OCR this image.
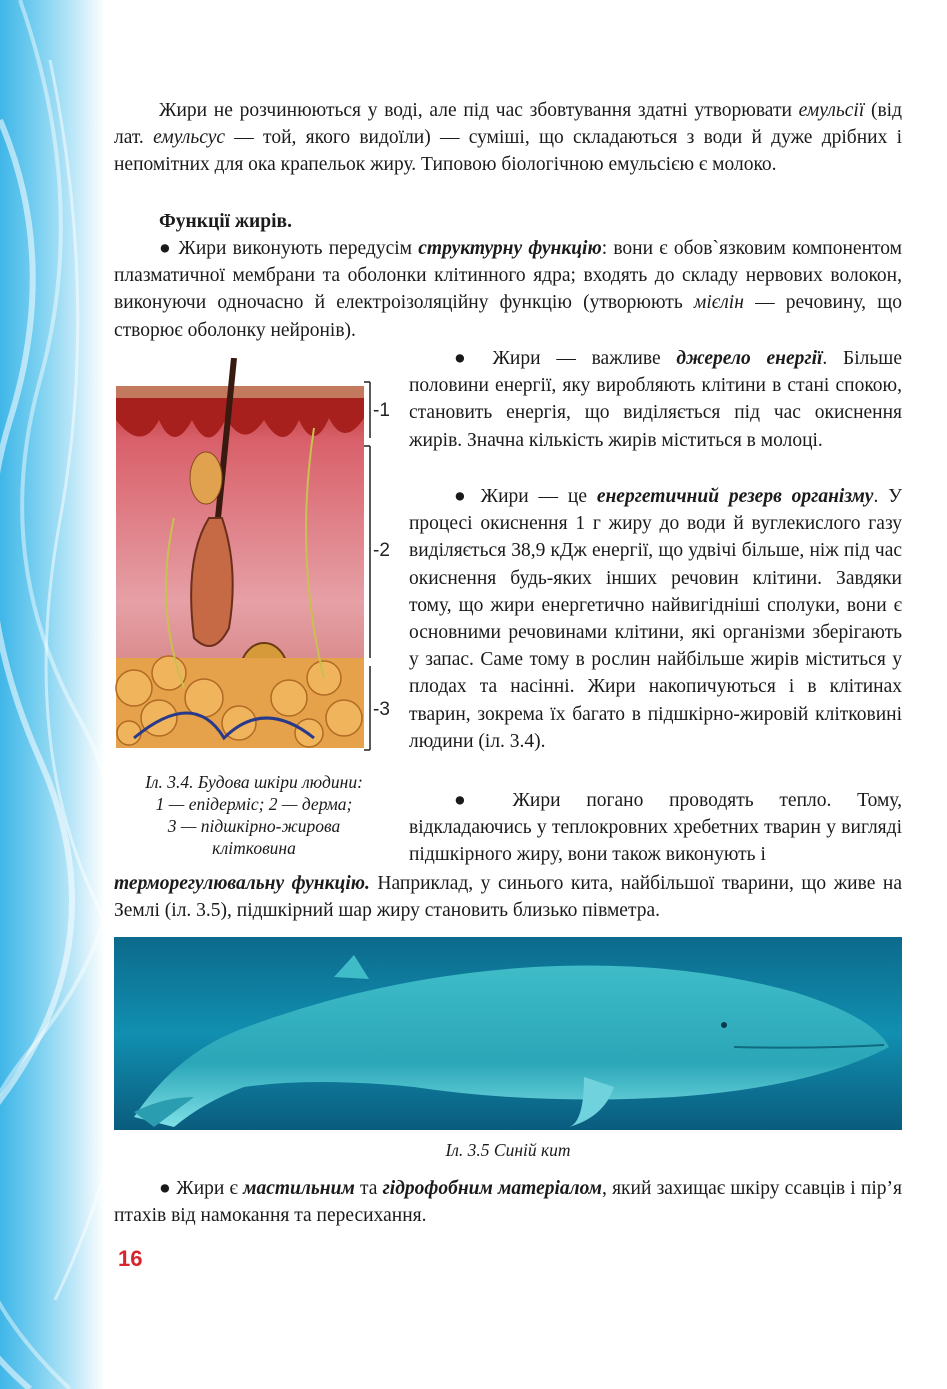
Жири не розчинюються у воді, але під час збовтування здатні утворювати емульсії (від лат. емульсус — той, якого видоїли) — суміші, що складаються з води й дуже дрібних і непомітних для ока крапельок жиру. Типовою біологічною емульсією є молоко.
Функції жирів.
● Жири виконують передусім структурну функцію: вони є обов`язковим компонентом плазматичної мембрани та оболонки клітинного ядра; входять до складу нервових волокон, виконуючи одночасно й електроізоляційну функцію (утворюють мієлін — речовину, що створює оболонку нейронів).
-1
-2
-3
Іл. 3.4. Будова шкіри людини:
1 — епідерміс; 2 — дерма;
3 — підшкірно-жирова
клітковина
● Жири — важливе джерело енергії. Більше половини енергії, яку виробляють клітини в стані спокою, становить енергія, що виділяється під час окиснення жирів. Значна кількість жирів міститься в молоці.
● Жири — це енергетичний резерв організму. У процесі окиснення 1 г жиру до води й вуглекислого газу виділяється 38,9 кДж енергії, що удвічі більше, ніж під час окиснення будь-яких інших речовин клітини. Завдяки тому, що жири енергетично найвигідніші сполуки, вони є основними речовинами клітини, які організми зберігають у запас. Саме тому в рослин найбільше жирів міститься у плодах та насінні. Жири накопичуються і в клітинах тварин, зокрема їх багато в підшкірно-жировій клітковині людини (іл. 3.4).
● Жири погано проводять тепло. Тому, відкладаючись у теплокровних хребетних тварин у вигляді підшкірного жиру, вони також виконують і
терморегулювальну функцію. Наприклад, у синього кита, найбільшої тварини, що живе на Землі (іл. 3.5), підшкірний шар жиру становить близько півметра.
Іл. 3.5 Синій кит
● Жири є мастильним та гідрофобним матеріалом, який захищає шкіру ссавців і пір’я птахів від намокання та пересихання.
16
